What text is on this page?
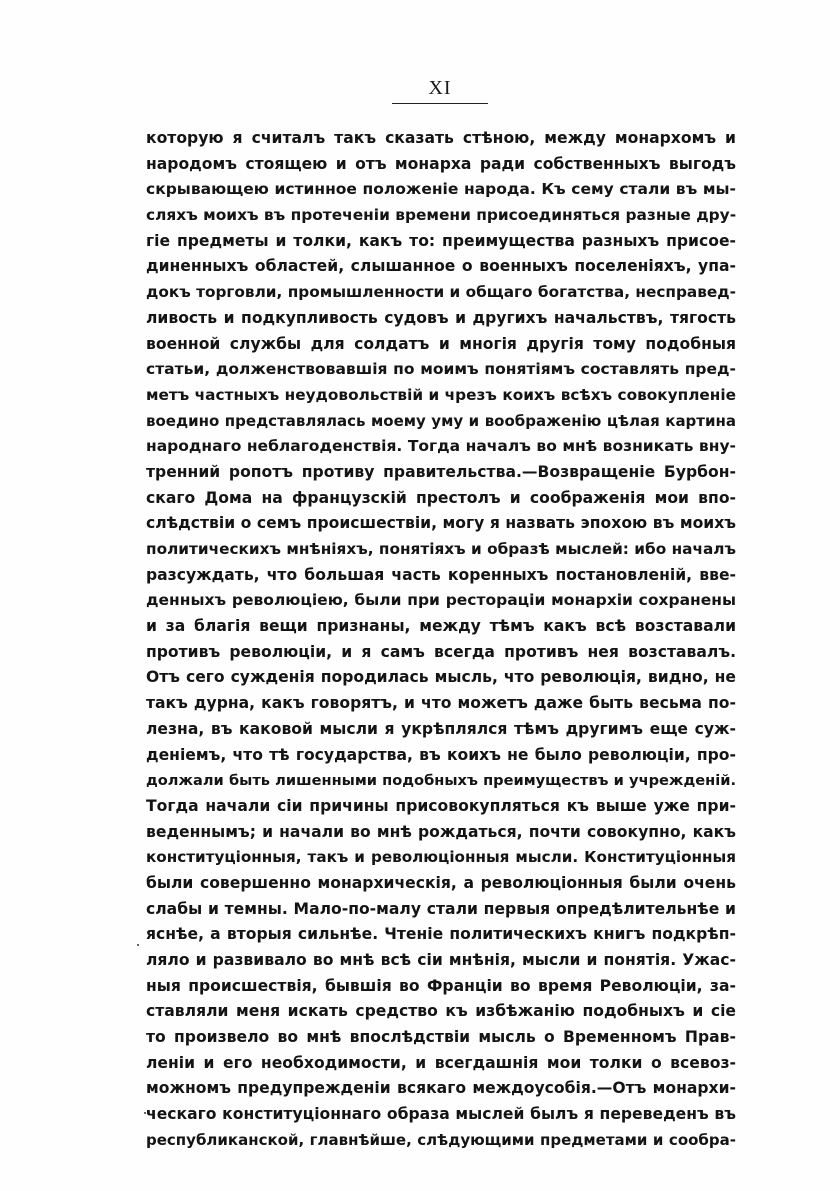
XI
которую я считалъ такъ сказать стѣною, между монархомъ и
народомъ стоящею и отъ монарха ради собственныхъ выгодъ
скрывающею истинное положенiе народа. Къ сему стали въ мы-
сляхъ моихъ въ протеченiи времени присоединяться разные дру-
гiе предметы и толки, какъ то: преимущества разныхъ присое-
диненныхъ областей, слышанное о военныхъ поселенiяхъ, упа-
докъ торговли, промышленности и общаго богатства, несправед-
ливость и подкупливость судовъ и другихъ начальствъ, тягость
военной службы для солдатъ и многiя другiя тому подобныя
статьи, долженствовавшiя по моимъ понятiямъ составлять пред-
метъ частныхъ неудовольствiй и чрезъ коихъ всѣхъ совокупленiе
воедино представлялась моему уму и воображенiю цѣлая картина
народнаго неблагоденствiя. Тогда началъ во мнѣ возникать вну-
тренний ропотъ противу правительства.—Возвращенiе Бурбон-
скаго Дома на французскiй престолъ и соображенiя мои впо-
слѣдствiи о семъ происшествiи, могу я назвать эпохою въ моихъ
политическихъ мнѣнiяхъ, понятiяхъ и образѣ мыслей: ибо началъ
разсуждать, что большая часть коренныхъ постановленiй, вве-
денныхъ революцiею, были при ресторацiи монархiи сохранены
и за благiя вещи признаны, между тѣмъ какъ всѣ возставали
противъ революцiи, и я самъ всегда противъ нея возставалъ.
Отъ сего сужденiя породилась мысль, что революцiя, видно, не
такъ дурна, какъ говорятъ, и что можетъ даже быть весьма по-
лезна, въ каковой мысли я укрѣплялся тѣмъ другимъ еще суж-
денiемъ, что тѣ государства, въ коихъ не было революцiи, про-
должали быть лишенными подобныхъ преимуществъ и учрежденiй.
Тогда начали сiи причины присовокупляться къ выше уже при-
веденнымъ; и начали во мнѣ рождаться, почти совокупно, какъ
конституцiонныя, такъ и революцiонныя мысли. Конституцiонныя
были совершенно монархическiя, а революцiонныя были очень
слабы и темны. Мало-по-малу стали первыя опредѣлительнѣе и
яснѣе, а вторыя сильнѣе. Чтенiе политическихъ книгъ подкрѣп-
ляло и развивало во мнѣ всѣ сiи мнѣнiя, мысли и понятiя. Ужас-
ныя происшествiя, бывшiя во Францiи во время Революцiи, за-
ставляли меня искать средство къ избѣжанiю подобныхъ и сiе
то произвело во мнѣ впослѣдствiи мысль о Временномъ Прав-
ленiи и его необходимости, и всегдашнiя мои толки о всевоз-
можномъ предупрежденiи всякаго междоусобiя.—Отъ монархи-
ческаго конституцiоннаго образа мыслей былъ я переведенъ въ
республиканской, главнѣйше, слѣдующими предметами и сообра-
